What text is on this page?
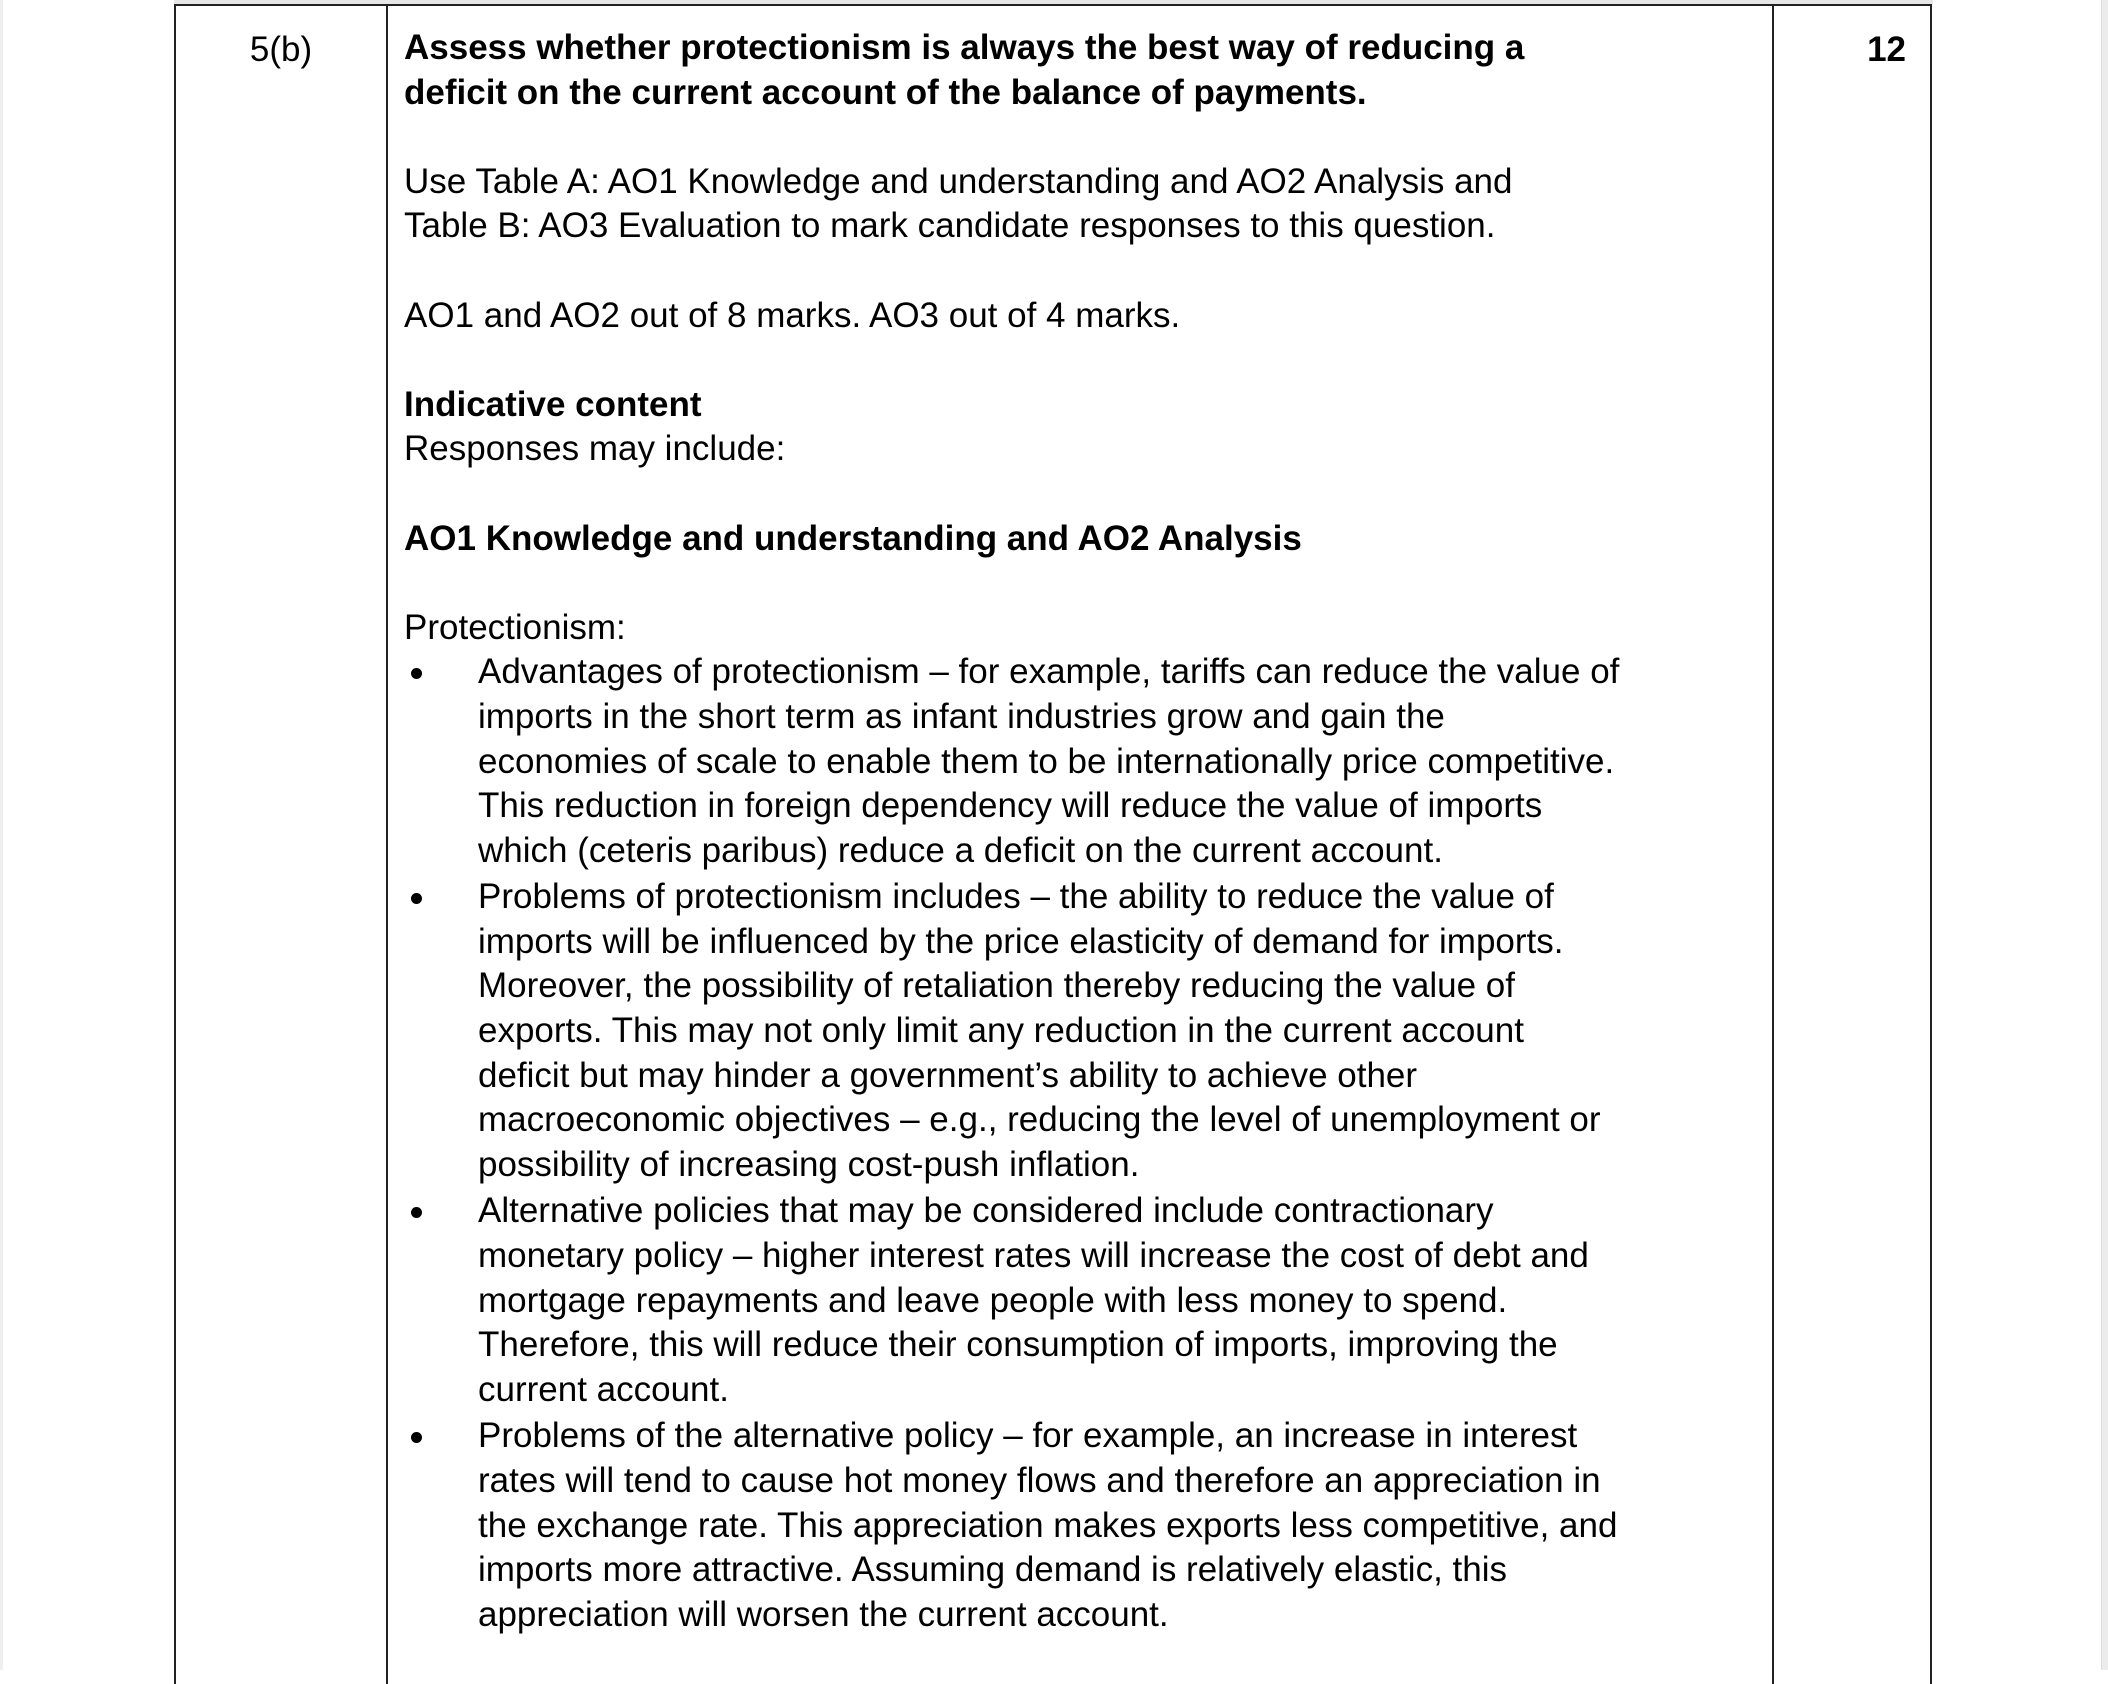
5(b)	12

Assess whether protectionism is always the best way of reducing a

deficit on the current account of the balance of payments.

Use Table A: AO1 Knowledge and understanding and AO2 Analysis and

Table B: AO3 Evaluation to mark candidate responses to this question.

AO1 and AO2 out of 8 marks. AO3 out of 4 marks.

Indicative content

Responses may include:

AO1 Knowledge and understanding and AO2 Analysis

Protectionism:

Advantages of protectionism – for example, tariffs can reduce the value of
imports in the short term as infant industries grow and gain the
economies of scale to enable them to be internationally price competitive.
This reduction in foreign dependency will reduce the value of imports
which (ceteris paribus) reduce a deficit on the current account.
Problems of protectionism includes – the ability to reduce the value of
imports will be influenced by the price elasticity of demand for imports.
Moreover, the possibility of retaliation thereby reducing the value of
exports. This may not only limit any reduction in the current account
deficit but may hinder a government’s ability to achieve other
macroeconomic objectives – e.g., reducing the level of unemployment or
possibility of increasing cost-push inflation.
Alternative policies that may be considered include contractionary
monetary policy – higher interest rates will increase the cost of debt and
mortgage repayments and leave people with less money to spend.
Therefore, this will reduce their consumption of imports, improving the
current account.
Problems of the alternative policy – for example, an increase in interest
rates will tend to cause hot money flows and therefore an appreciation in
the exchange rate. This appreciation makes exports less competitive, and
imports more attractive. Assuming demand is relatively elastic, this
appreciation will worsen the current account.
